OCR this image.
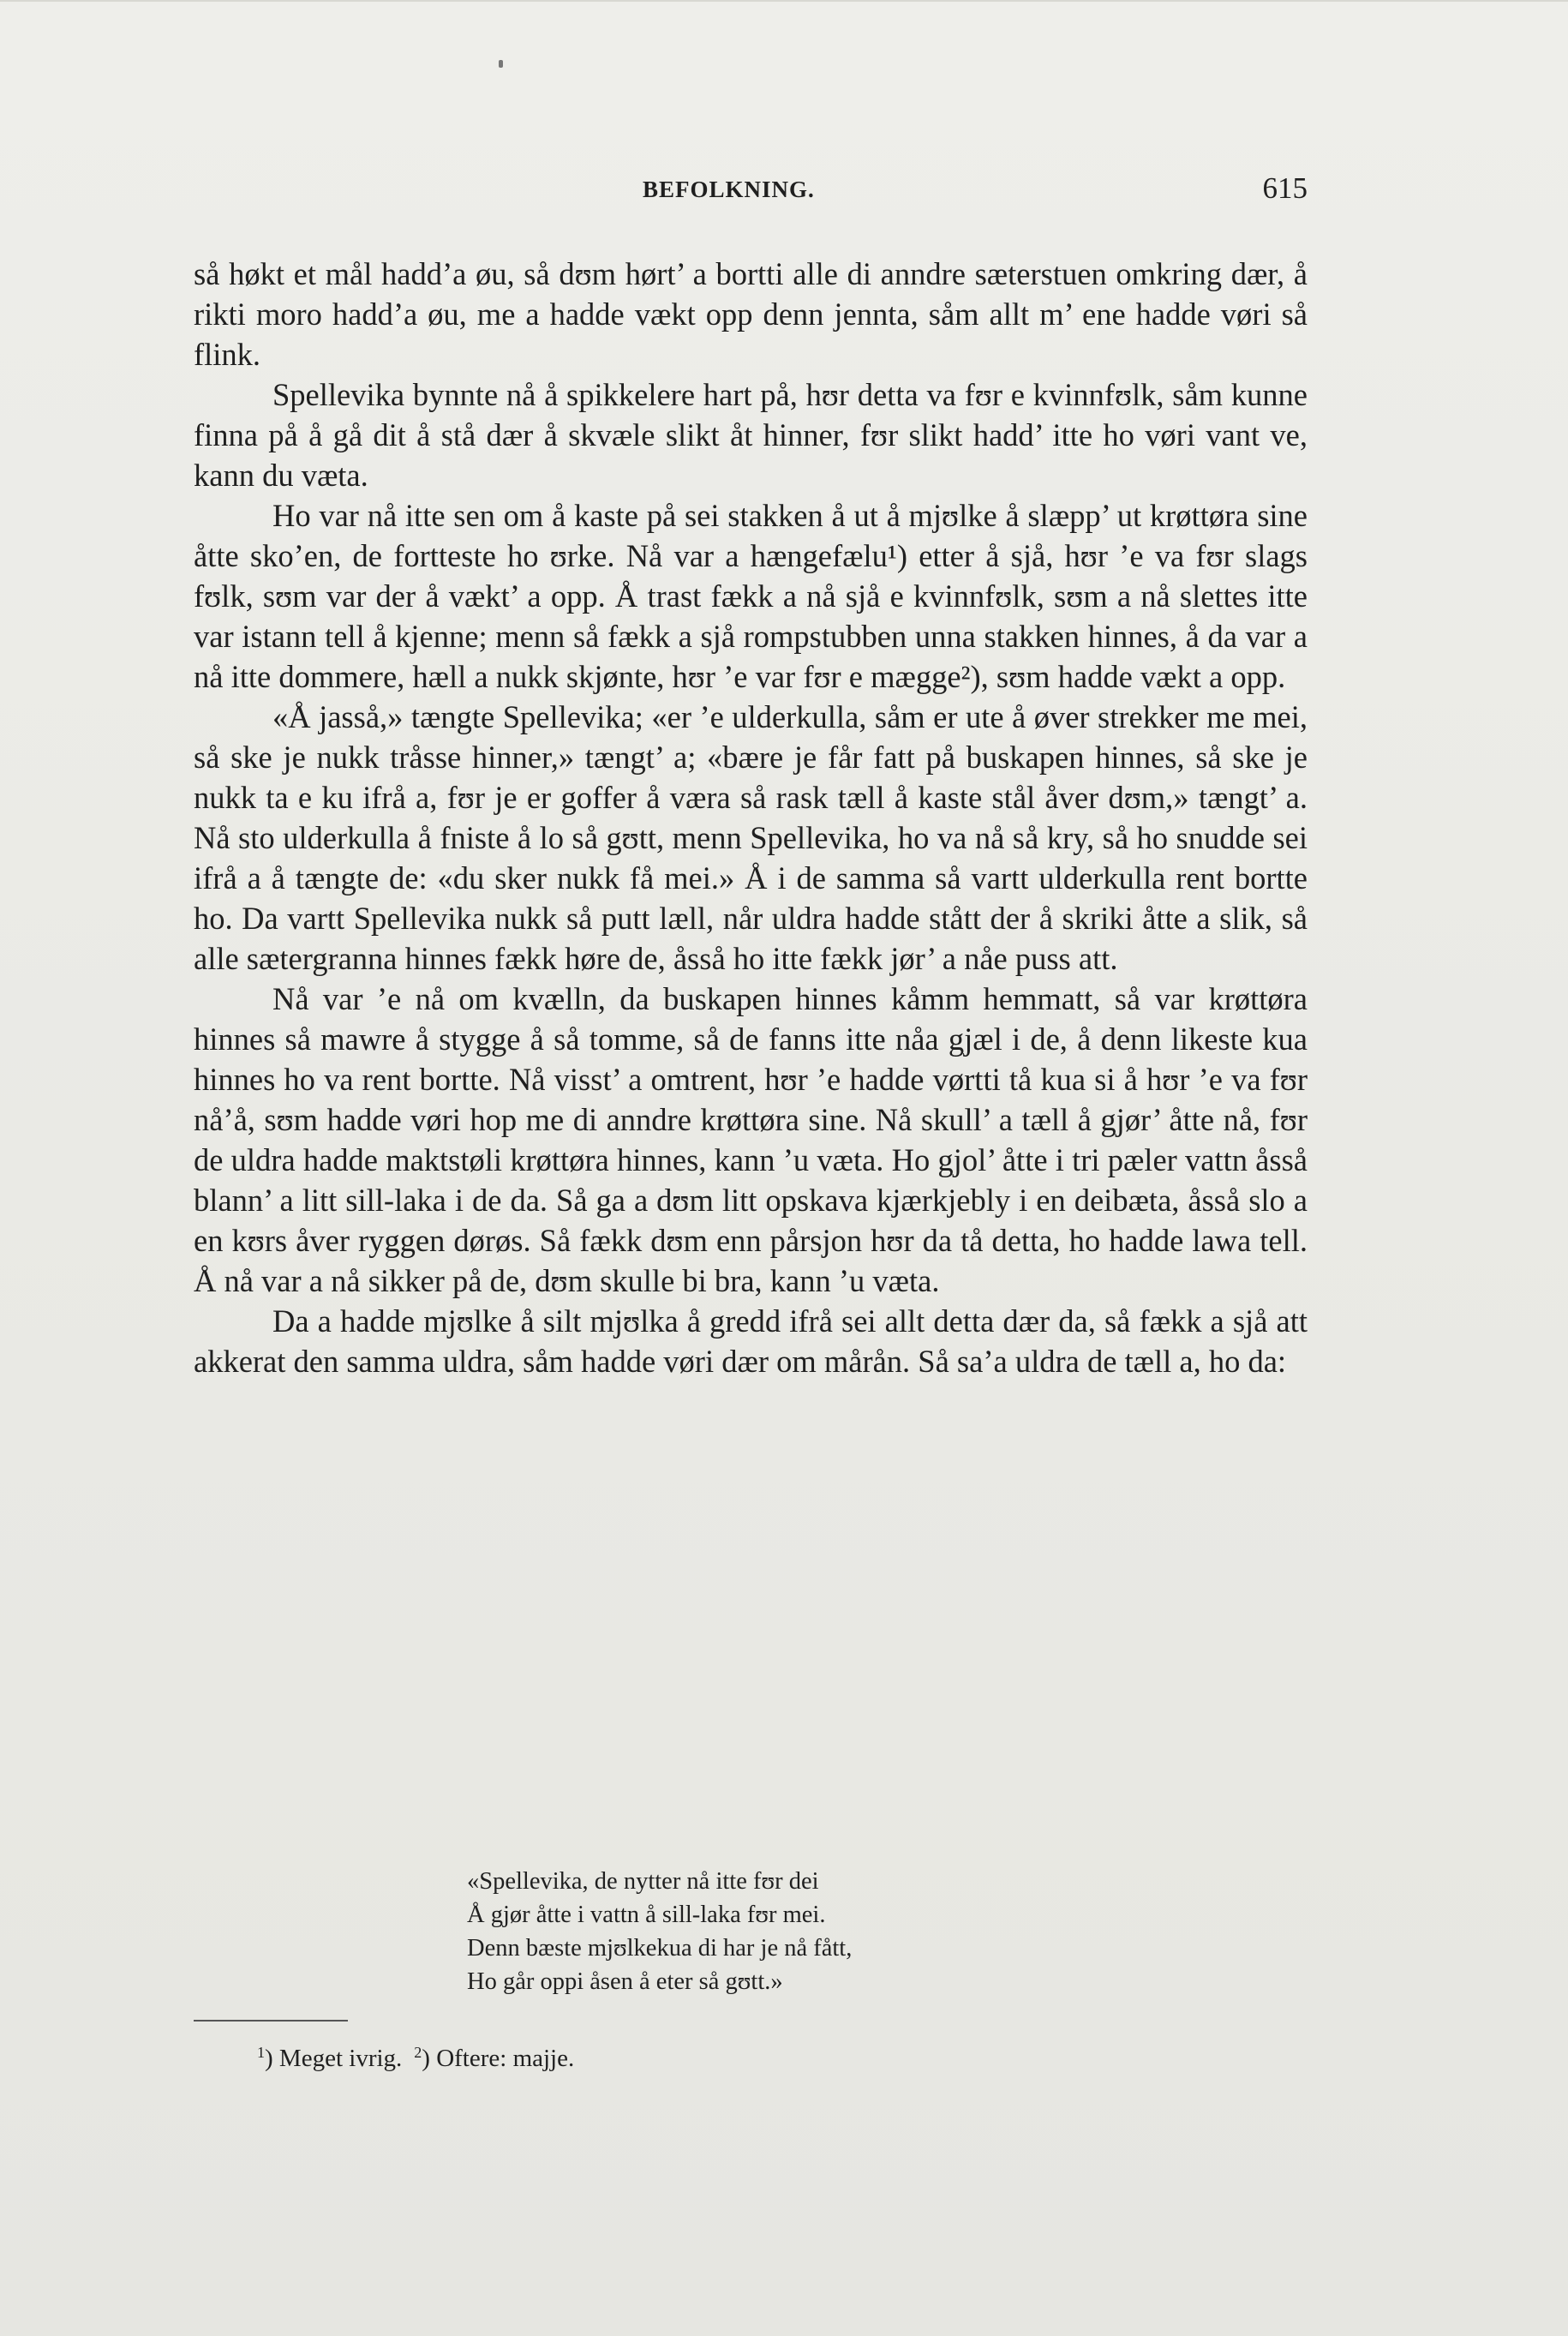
BEFOLKNING.	615

så høkt et mål hadd’a øu, så dʊm hørt’ a bortti alle di anndre sæterstuen omkring dær, å rikti moro hadd’a øu, me a hadde vækt opp denn jennta, såm allt m’ ene hadde vøri så flink.

Spellevika bynnte nå å spikkelere hart på, hʊr detta va fʊr e kvinnfʊlk, såm kunne finna på å gå dit å stå dær å skvæle slikt åt hinner, fʊr slikt hadd’ itte ho vøri vant ve, kann du væta.

Ho var nå itte sen om å kaste på sei stakken å ut å mjʊlke å slæpp’ ut krøttøra sine åtte sko’en, de fortteste ho ʊrke. Nå var a hængefælu¹) etter å sjå, hʊr ’e va fʊr slags fʊlk, sʊm var der å vækt’ a opp. Å trast fækk a nå sjå e kvinnfʊlk, sʊm a nå slettes itte var istann tell å kjenne; menn så fækk a sjå rompstubben unna stakken hinnes, å da var a nå itte dommere, hæll a nukk skjønte, hʊr ’e var fʊr e mægge²), sʊm hadde vækt a opp.

«Å jasså,» tængte Spellevika; «er ’e ulderkulla, såm er ute å øver strekker me mei, så ske je nukk tråsse hinner,» tængt’ a; «bære je får fatt på buskapen hinnes, så ske je nukk ta e ku ifrå a, fʊr je er goffer å væra så rask tæll å kaste stål åver dʊm,» tængt’ a. Nå sto ulderkulla å fniste å lo så gʊtt, menn Spellevika, ho va nå så kry, så ho snudde sei ifrå a å tængte de: «du sker nukk få mei.» Å i de samma så vartt ulderkulla rent bortte ho. Da vartt Spellevika nukk så putt læll, når uldra hadde stått der å skriki åtte a slik, så alle sætergranna hinnes fækk høre de, åsså ho itte fækk jør’ a nåe puss att.

Nå var ’e nå om kvælln, da buskapen hinnes kåmm hemmatt, så var krøttøra hinnes så mawre å stygge å så tomme, så de fanns itte nåa gjæl i de, å denn likeste kua hinnes ho va rent bortte. Nå visst’ a omtrent, hʊr ’e hadde vørtti tå kua si å hʊr ’e va fʊr nå’å, sʊm hadde vøri hop me di anndre krøttøra sine. Nå skull’ a tæll å gjør’ åtte nå, fʊr de uldra hadde maktstøli krøttøra hinnes, kann ’u væta. Ho gjol’ åtte i tri pæler vattn åsså blann’ a litt sill-laka i de da. Så ga a dʊm litt opskava kjærkjebly i en deibæta, åsså slo a en kʊrs åver ryggen dørøs. Så fækk dʊm enn pårsjon hʊr da tå detta, ho hadde lawa tell. Å nå var a nå sikker på de, dʊm skulle bi bra, kann ’u væta.

Da a hadde mjʊlke å silt mjʊlka å gredd ifrå sei allt detta dær da, så fækk a sjå att akkerat den samma uldra, såm hadde vøri dær om mårån. Så sa’a uldra de tæll a, ho da:

«Spellevika, de nytter nå itte fʊr dei
Å gjør åtte i vattn å sill-laka fʊr mei.
Denn bæste mjʊlkekua di har je nå fått,
Ho går oppi åsen å eter så gʊtt.»
$^1$) Meget ivrig. $^2$) Oftere: majje.
